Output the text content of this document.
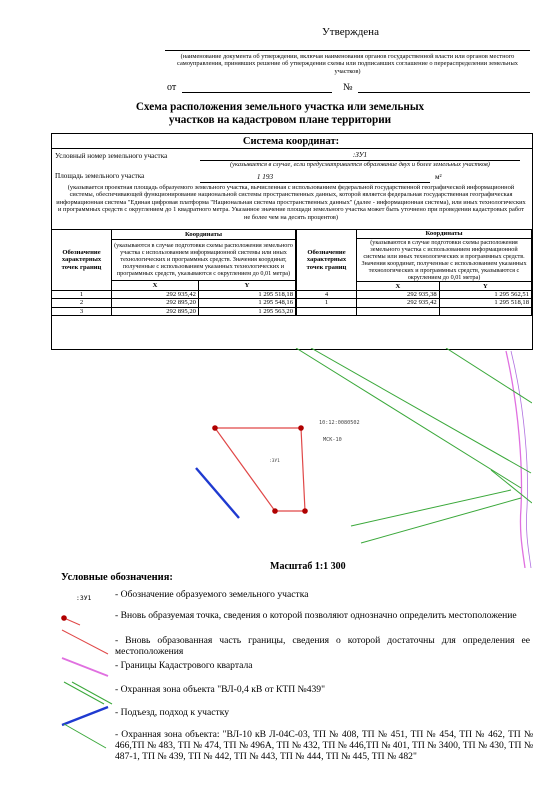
Утверждена
(наименование документа об утверждении, включая наименования органов государственной власти или органов местного самоуправления, принявших решение об утверждении схемы или подписавших соглашение о перераспределении земельных участков)
от	№
Схема расположения земельного участка или земельных
участков на кадастровом плане территории
Система координат:
Условный номер земельного участка	:ЗУ1
(указывается в случае, если предусматривается образование двух и более земельных участков)
Площадь земельного участка	1 193	м²
(указывается проектная площадь образуемого земельного участка, вычисленная с использованием федеральной государственной географической информационной системы, обеспечивающей функционирование национальной системы пространственных данных, которой является федеральная государственная географическая информационная система "Единая цифровая платформа "Национальная система пространственных данных" (далее - информационная система), или иных технологических и программных средств с округлением до 1 квадратного метра. Указанное значение площади земельного участка может быть уточнено при проведении кадастровых работ не более чем на десять процентов)
Обозначение характерных точек границ	Координаты	
	(указываются в случае подготовки схемы расположения земельного участка с использованием информационной системы или иных технологических и программных средств. Значения координат, полученные с использованием указанных технологических и программных средств, указываются с округлением до 0,01 метра)	
	X	Y
1	292 935,42	1 295 518,18
2	292 895,20	1 295 548,16
3	292 895,20	1 295 563,20
Обозначение характерных точек границ	Координаты	
	(указываются в случае подготовки схемы расположения земельного участка с использованием информационной системы или иных технологических и программных средств. Значения координат, полученные с использованием указанных технологических и программных средств, указываются с округлением до 0,01 метра)	
	X	Y
4	292 935,38	1 295 562,51
1	292 935,42	1 295 518,18

:ЗУ1
10:12:0080502
МСК-10
Масштаб 1:1 300
Условные обозначения:
:ЗУ1 - Обозначение образуемого земельного участка
- Вновь образуемая точка, сведения о которой позволяют однозначно определить местоположение
- Вновь образованная часть границы, сведения о которой достаточны для определения ее местоположения
- Границы Кадастрового квартала
- Охранная зона объекта "ВЛ-0,4 кВ от КТП №439"
- Подъезд, подход к участку
- Охранная зона объекта: "ВЛ-10 кВ Л-04С-03, ТП № 408, ТП № 451, ТП № 454, ТП № 462, ТП № 466,ТП № 483, ТП № 474, ТП № 496А, ТП № 432, ТП № 446,ТП № 401, ТП № 3400, ТП № 430, ТП № 487-1, ТП № 439, ТП № 442, ТП № 443, ТП № 444, ТП № 445, ТП № 482"
